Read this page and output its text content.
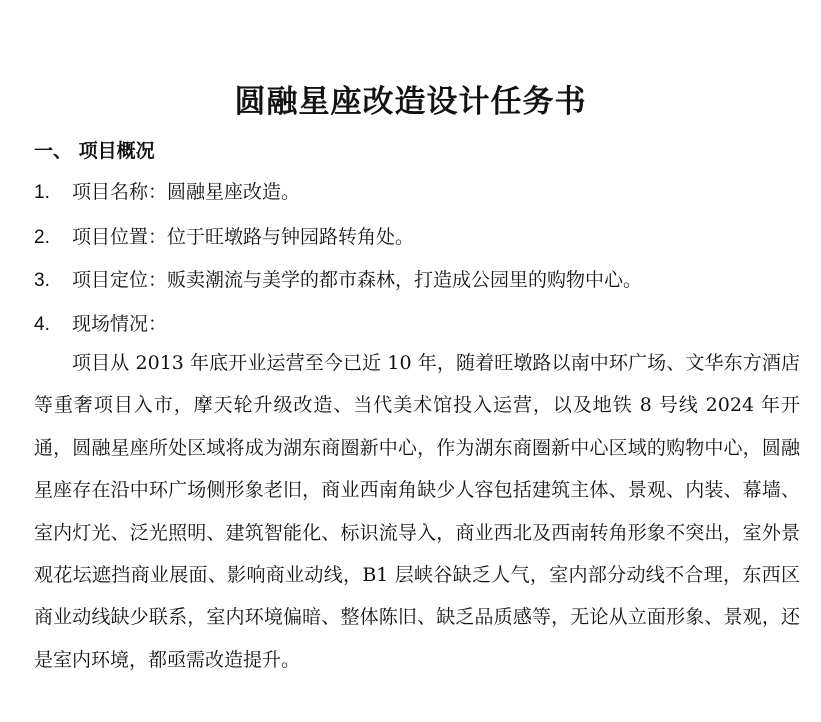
圆融星座改造设计任务书
一、 项目概况
1. 项目名称：圆融星座改造。
2. 项目位置：位于旺墩路与钟园路转角处。
3. 项目定位：贩卖潮流与美学的都市森林，打造成公园里的购物中心。
4. 现场情况：

项目从 2013 年底开业运营至今已近 10 年，随着旺墩路以南中环广场、文华东方酒店等重奢项目入市，摩天轮升级改造、当代美术馆投入运营，以及地铁 8 号线 2024 年开通，圆融星座所处区域将成为湖东商圈新中心，作为湖东商圈新中心区域的购物中心，圆融星座存在沿中环广场侧形象老旧，商业西南角缺少人容包括建筑主体、景观、内装、幕墙、室内灯光、泛光照明、建筑智能化、标识流导入，商业西北及西南转角形象不突出，室外景观花坛遮挡商业展面、影响商业动线，B1 层峡谷缺乏人气，室内部分动线不合理，东西区商业动线缺少联系，室内环境偏暗、整体陈旧、缺乏品质感等，无论从立面形象、景观，还是室内环境，都亟需改造提升。
